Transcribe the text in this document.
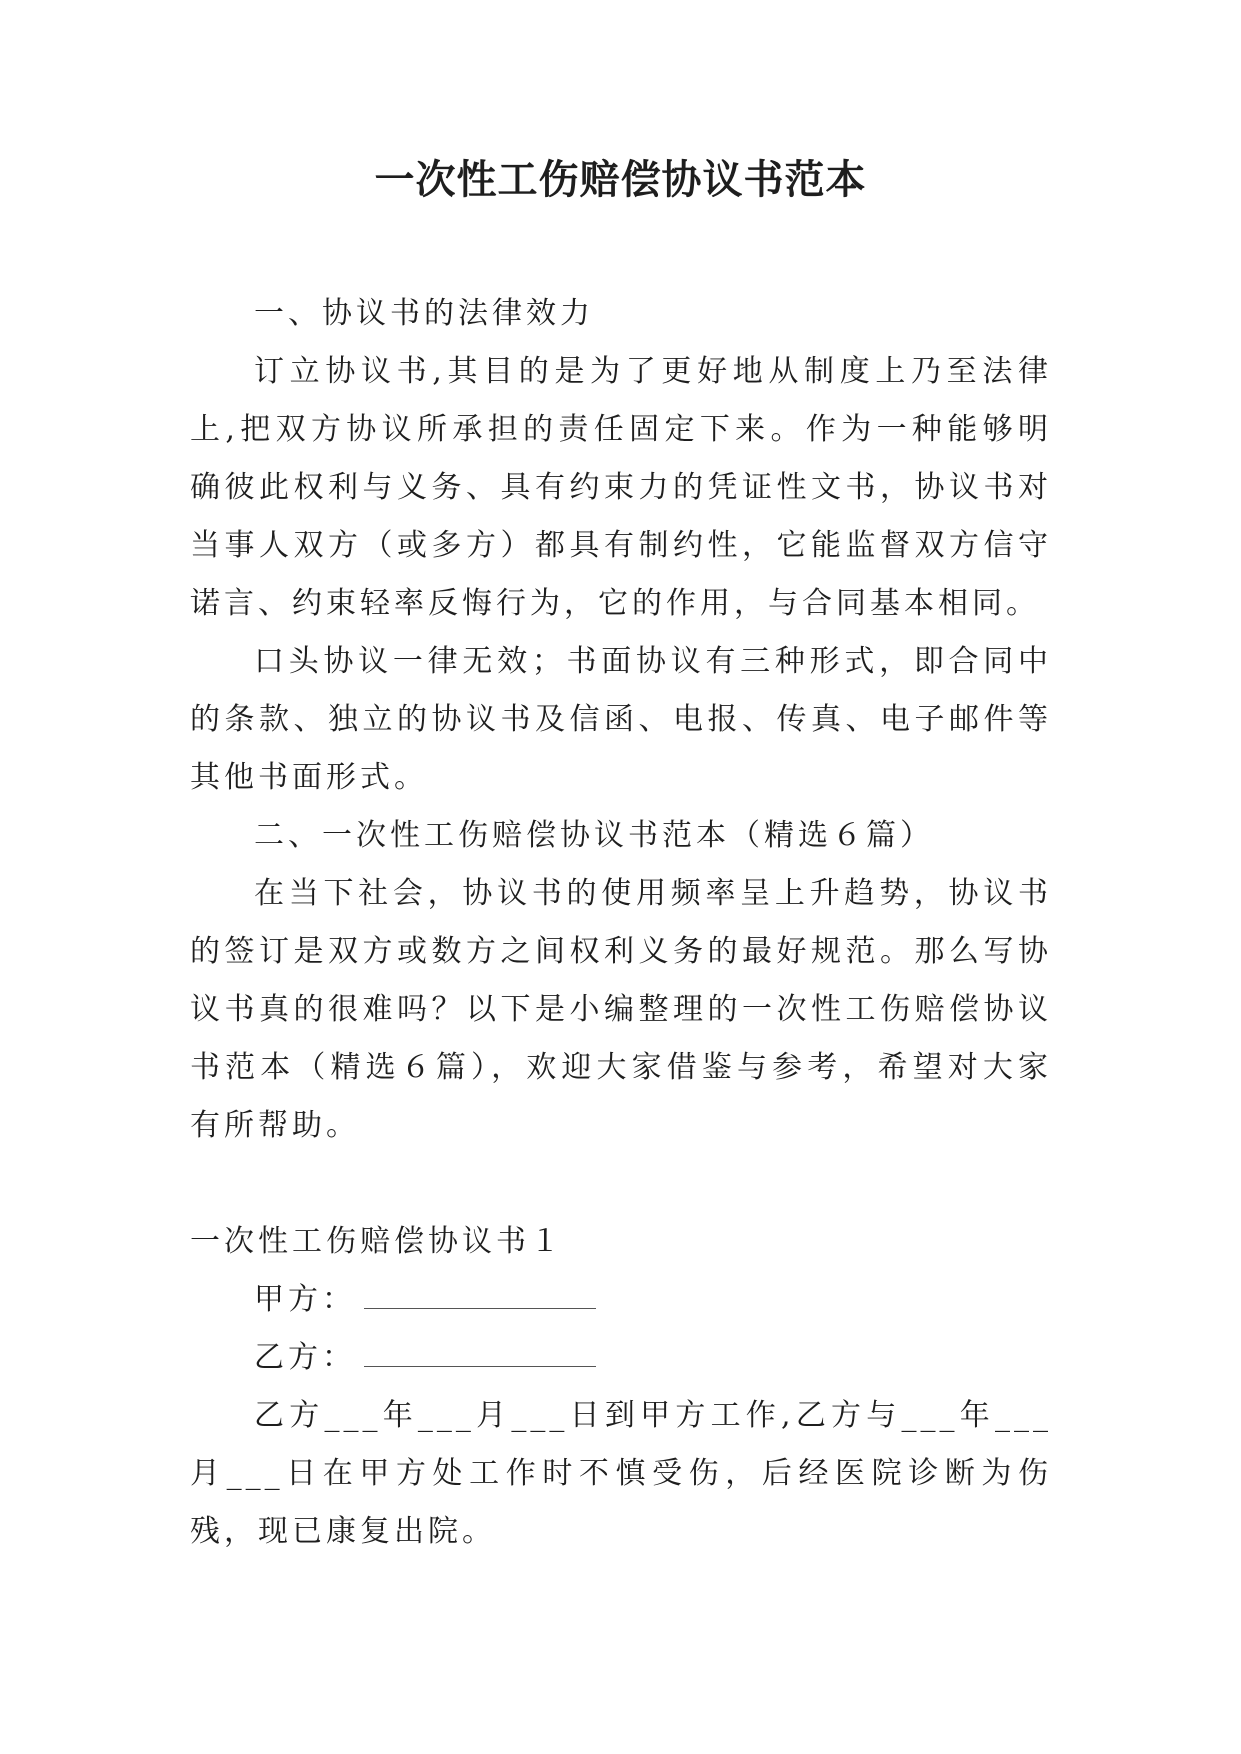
一次性工伤赔偿协议书范本

一、协议书的法律效力

订立协议书,其目的是为了更好地从制度上乃至法律上,把双方协议所承担的责任固定下来。作为一种能够明确彼此权利与义务、具有约束力的凭证性文书，协议书对当事人双方（或多方）都具有制约性，它能监督双方信守诺言、约束轻率反悔行为，它的作用，与合同基本相同。

口头协议一律无效；书面协议有三种形式，即合同中的条款、独立的协议书及信函、电报、传真、电子邮件等其他书面形式。

二、一次性工伤赔偿协议书范本（精选６篇）

在当下社会，协议书的使用频率呈上升趋势，协议书的签订是双方或数方之间权利义务的最好规范。那么写协议书真的很难吗？以下是小编整理的一次性工伤赔偿协议书范本（精选６篇），欢迎大家借鉴与参考，希望对大家有所帮助。

一次性工伤赔偿协议书１

甲方：

乙方：

乙方___年___月___日到甲方工作,乙方与___年___月___日在甲方处工作时不慎受伤，后经医院诊断为伤残，现已康复出院。
